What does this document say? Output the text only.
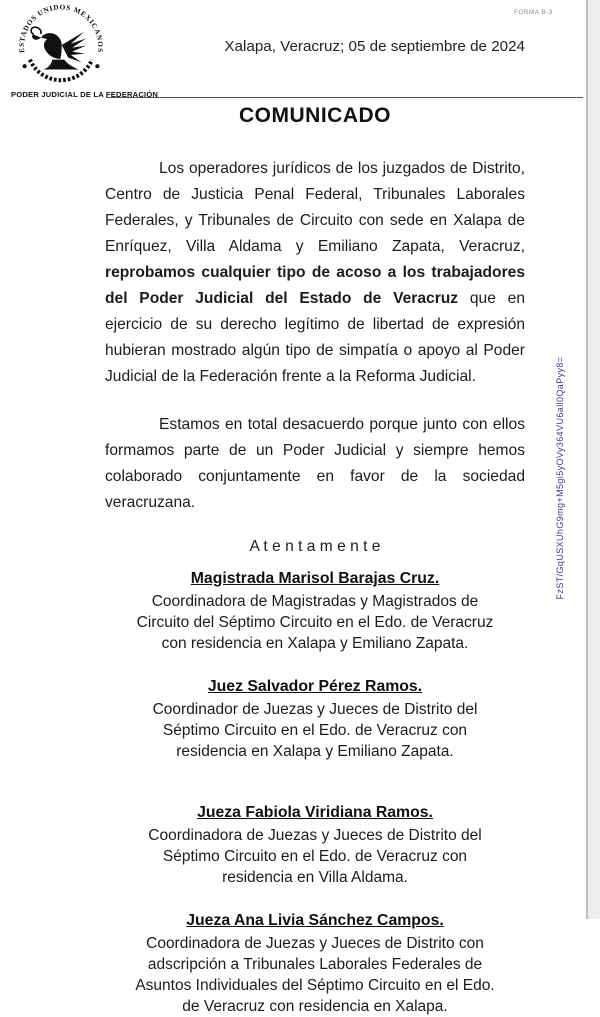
FORMA B-3
ESTADOS UNIDOS MEXICANOS
PODER JUDICIAL DE LA FEDERACIÓN
Xalapa, Veracruz; 05 de septiembre de 2024
COMUNICADO

Los operadores jurídicos de los juzgados de Distrito, Centro de Justicia Penal Federal, Tribunales Laborales Federales, y Tribunales de Circuito con sede en Xalapa de Enríquez, Villa Aldama y Emiliano Zapata, Veracruz, reprobamos cualquier tipo de acoso a los trabajadores del Poder Judicial del Estado de Veracruz que en ejercicio de su derecho legítimo de libertad de expresión hubieran mostrado algún tipo de simpatía o apoyo al Poder Judicial de la Federación frente a la Reforma Judicial.

Estamos en total desacuerdo porque junto con ellos formamos parte de un Poder Judicial y siempre hemos colaborado conjuntamente en favor de la sociedad veracruzana.

A t e n t a m e n t e
Magistrada Marisol Barajas Cruz.
Coordinadora de Magistradas y Magistrados de Circuito del Séptimo Circuito en el Edo. de Veracruz con residencia en Xalapa y Emiliano Zapata.
Juez Salvador Pérez Ramos.
Coordinador de Juezas y Jueces de Distrito del Séptimo Circuito en el Edo. de Veracruz con residencia en Xalapa y Emiliano Zapata.
Jueza Fabiola Viridiana Ramos.
Coordinadora de Juezas y Jueces de Distrito del Séptimo Circuito en el Edo. de Veracruz con residencia en Villa Aldama.
Jueza Ana Livia Sánchez Campos.
Coordinadora de Juezas y Jueces de Distrito con adscripción a Tribunales Laborales Federales de Asuntos Individuales del Séptimo Circuito en el Edo. de Veracruz con residencia en Xalapa.
FzST/GqUSXUhG9mg+M5gi5yOVy364VU6all0QaPyy8=
